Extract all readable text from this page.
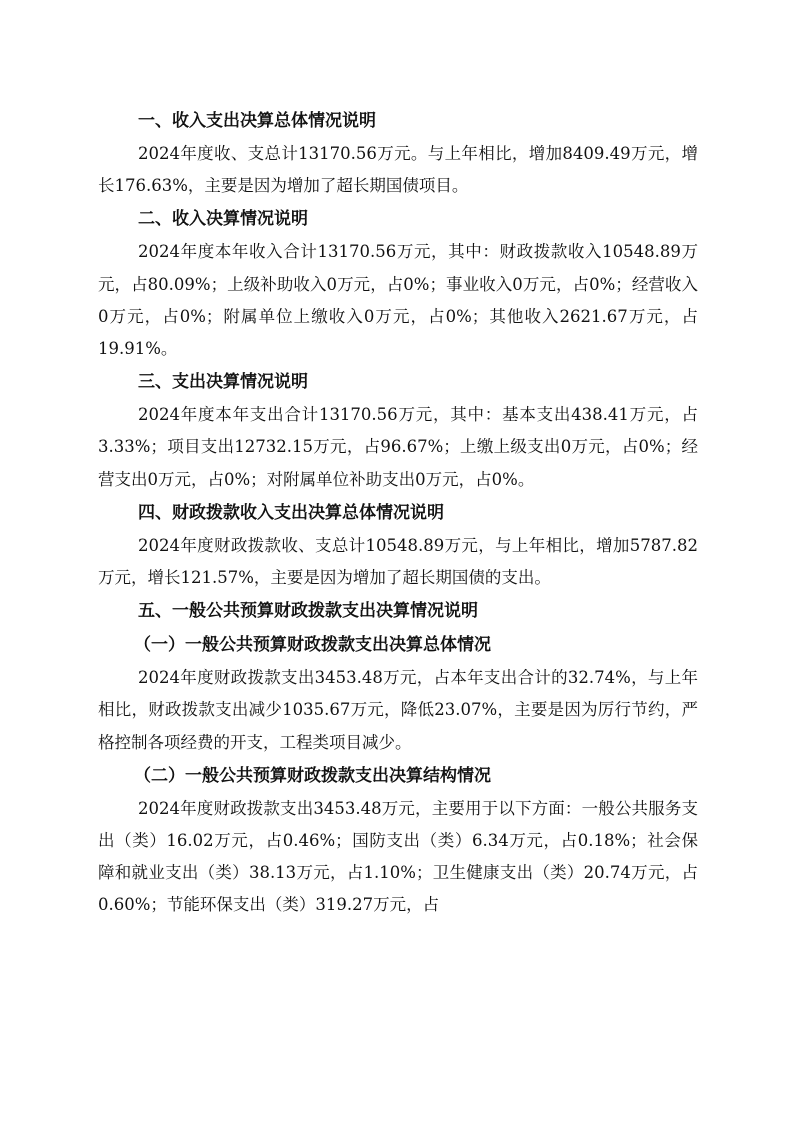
一、收入支出决算总体情况说明
2024年度收、支总计13170.56万元。与上年相比，增加8409.49万元，增长176.63%，主要是因为增加了超长期国债项目。
二、收入决算情况说明
2024年度本年收入合计13170.56万元，其中：财政拨款收入10548.89万元，占80.09%；上级补助收入0万元，占0%；事业收入0万元，占0%；经营收入0万元，占0%；附属单位上缴收入0万元，占0%；其他收入2621.67万元，占19.91%。
三、支出决算情况说明
2024年度本年支出合计13170.56万元，其中：基本支出438.41万元，占3.33%；项目支出12732.15万元，占96.67%；上缴上级支出0万元，占0%；经营支出0万元，占0%；对附属单位补助支出0万元，占0%。
四、财政拨款收入支出决算总体情况说明
2024年度财政拨款收、支总计10548.89万元，与上年相比，增加5787.82万元，增长121.57%，主要是因为增加了超长期国债的支出。
五、一般公共预算财政拨款支出决算情况说明
（一）一般公共预算财政拨款支出决算总体情况
2024年度财政拨款支出3453.48万元，占本年支出合计的32.74%，与上年相比，财政拨款支出减少1035.67万元，降低23.07%，主要是因为厉行节约，严格控制各项经费的开支，工程类项目减少。
（二）一般公共预算财政拨款支出决算结构情况
2024年度财政拨款支出3453.48万元，主要用于以下方面：一般公共服务支出（类）16.02万元，占0.46%；国防支出（类）6.34万元，占0.18%；社会保障和就业支出（类）38.13万元，占1.10%；卫生健康支出（类）20.74万元，占0.60%；节能环保支出（类）319.27万元，占
